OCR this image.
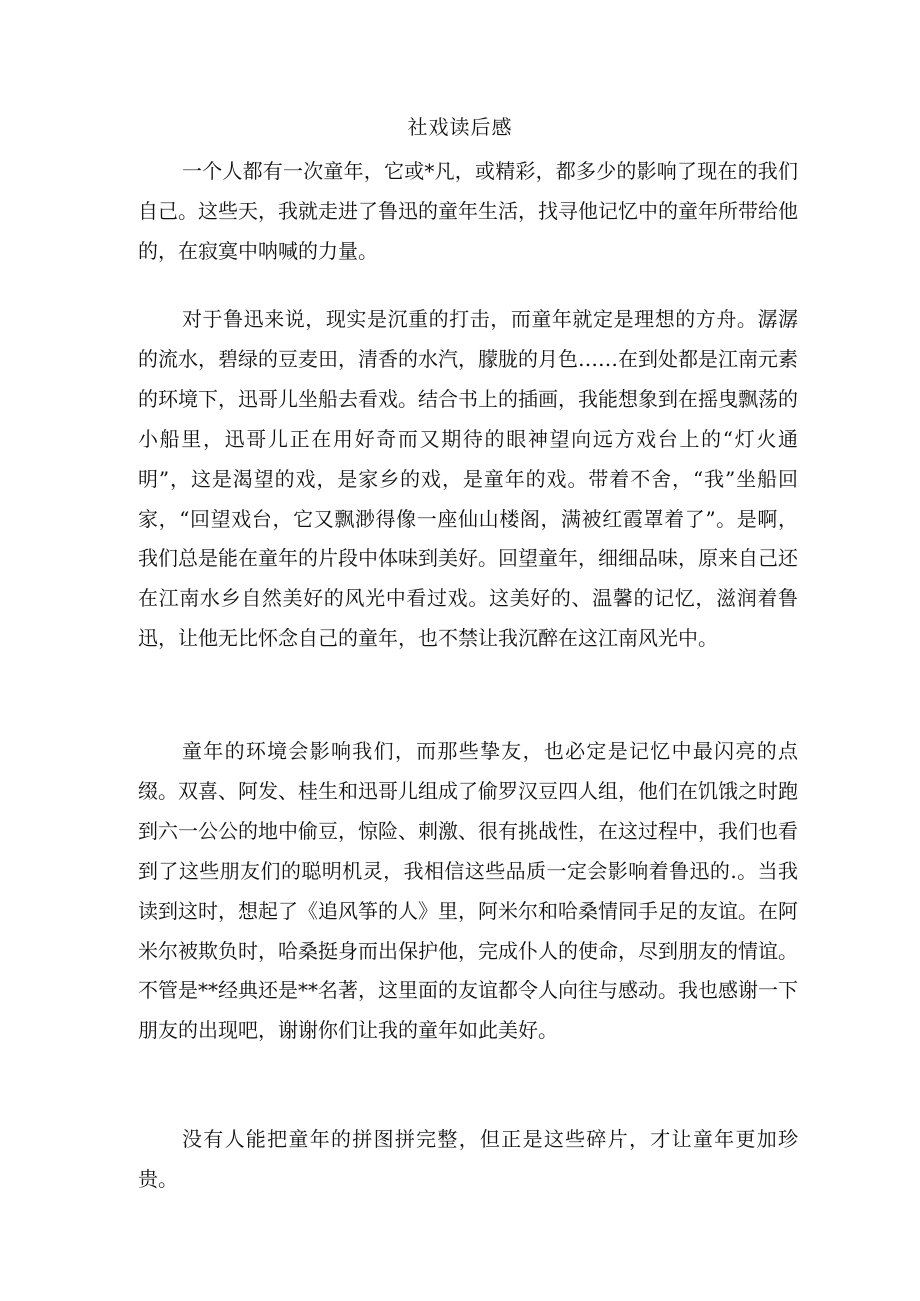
社戏读后感

一个人都有一次童年，它或*凡，或精彩，都多少的影响了现在的我们自己。这些天，我就走进了鲁迅的童年生活，找寻他记忆中的童年所带给他的，在寂寞中呐喊的力量。

对于鲁迅来说，现实是沉重的打击，而童年就定是理想的方舟。潺潺的流水，碧绿的豆麦田，清香的水汽，朦胧的月色……在到处都是江南元素的环境下，迅哥儿坐船去看戏。结合书上的插画，我能想象到在摇曳飘荡的小船里，迅哥儿正在用好奇而又期待的眼神望向远方戏台上的“灯火通明”，这是渴望的戏，是家乡的戏，是童年的戏。带着不舍，“我”坐船回家，“回望戏台，它又飘渺得像一座仙山楼阁，满被红霞罩着了”。是啊，我们总是能在童年的片段中体味到美好。回望童年，细细品味，原来自己还在江南水乡自然美好的风光中看过戏。这美好的、温馨的记忆，滋润着鲁迅，让他无比怀念自己的童年，也不禁让我沉醉在这江南风光中。

童年的环境会影响我们，而那些挚友，也必定是记忆中最闪亮的点缀。双喜、阿发、桂生和迅哥儿组成了偷罗汉豆四人组，他们在饥饿之时跑到六一公公的地中偷豆，惊险、刺激、很有挑战性，在这过程中，我们也看到了这些朋友们的聪明机灵，我相信这些品质一定会影响着鲁迅的.。当我读到这时，想起了《追风筝的人》里，阿米尔和哈桑情同手足的友谊。在阿米尔被欺负时，哈桑挺身而出保护他，完成仆人的使命，尽到朋友的情谊。不管是**经典还是**名著，这里面的友谊都令人向往与感动。我也感谢一下朋友的出现吧，谢谢你们让我的童年如此美好。

没有人能把童年的拼图拼完整，但正是这些碎片，才让童年更加珍贵。
